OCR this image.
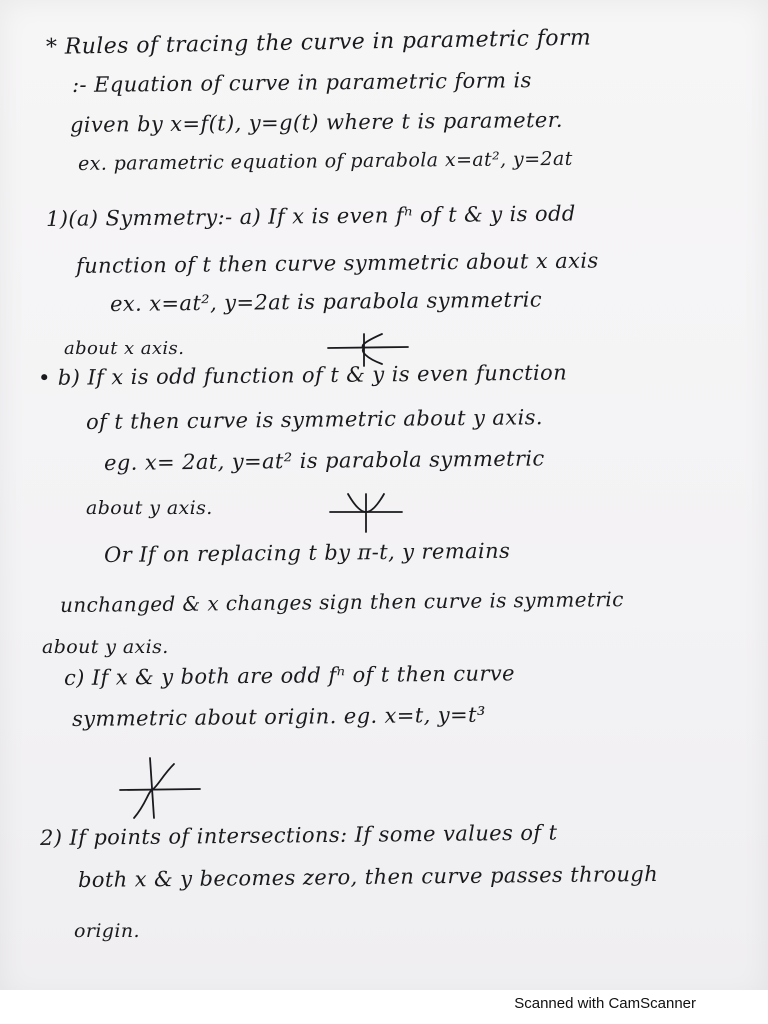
* Rules of tracing the curve in parametric form
:- Equation of curve in parametric form is
given by x=f(t), y=g(t) where t is parameter.
ex. parametric equation of parabola x=at², y=2at
1)(a) Symmetry:- a) If x is even fⁿ of t & y is odd
function of t then curve symmetric about x axis
ex. x=at², y=2at is parabola symmetric
about x axis.
• b) If x is odd function of t & y is even function
of t then curve is symmetric about y axis.
eg. x= 2at, y=at² is parabola symmetric
about y axis.
Or If on replacing t by π-t, y remains
unchanged & x changes sign then curve is symmetric
about y axis.
c) If x & y both are odd fⁿ of t then curve
symmetric about origin. eg. x=t, y=t³
2) If points of intersections: If some values of t
both x & y becomes zero, then curve passes through
origin.
Scanned with CamScanner
